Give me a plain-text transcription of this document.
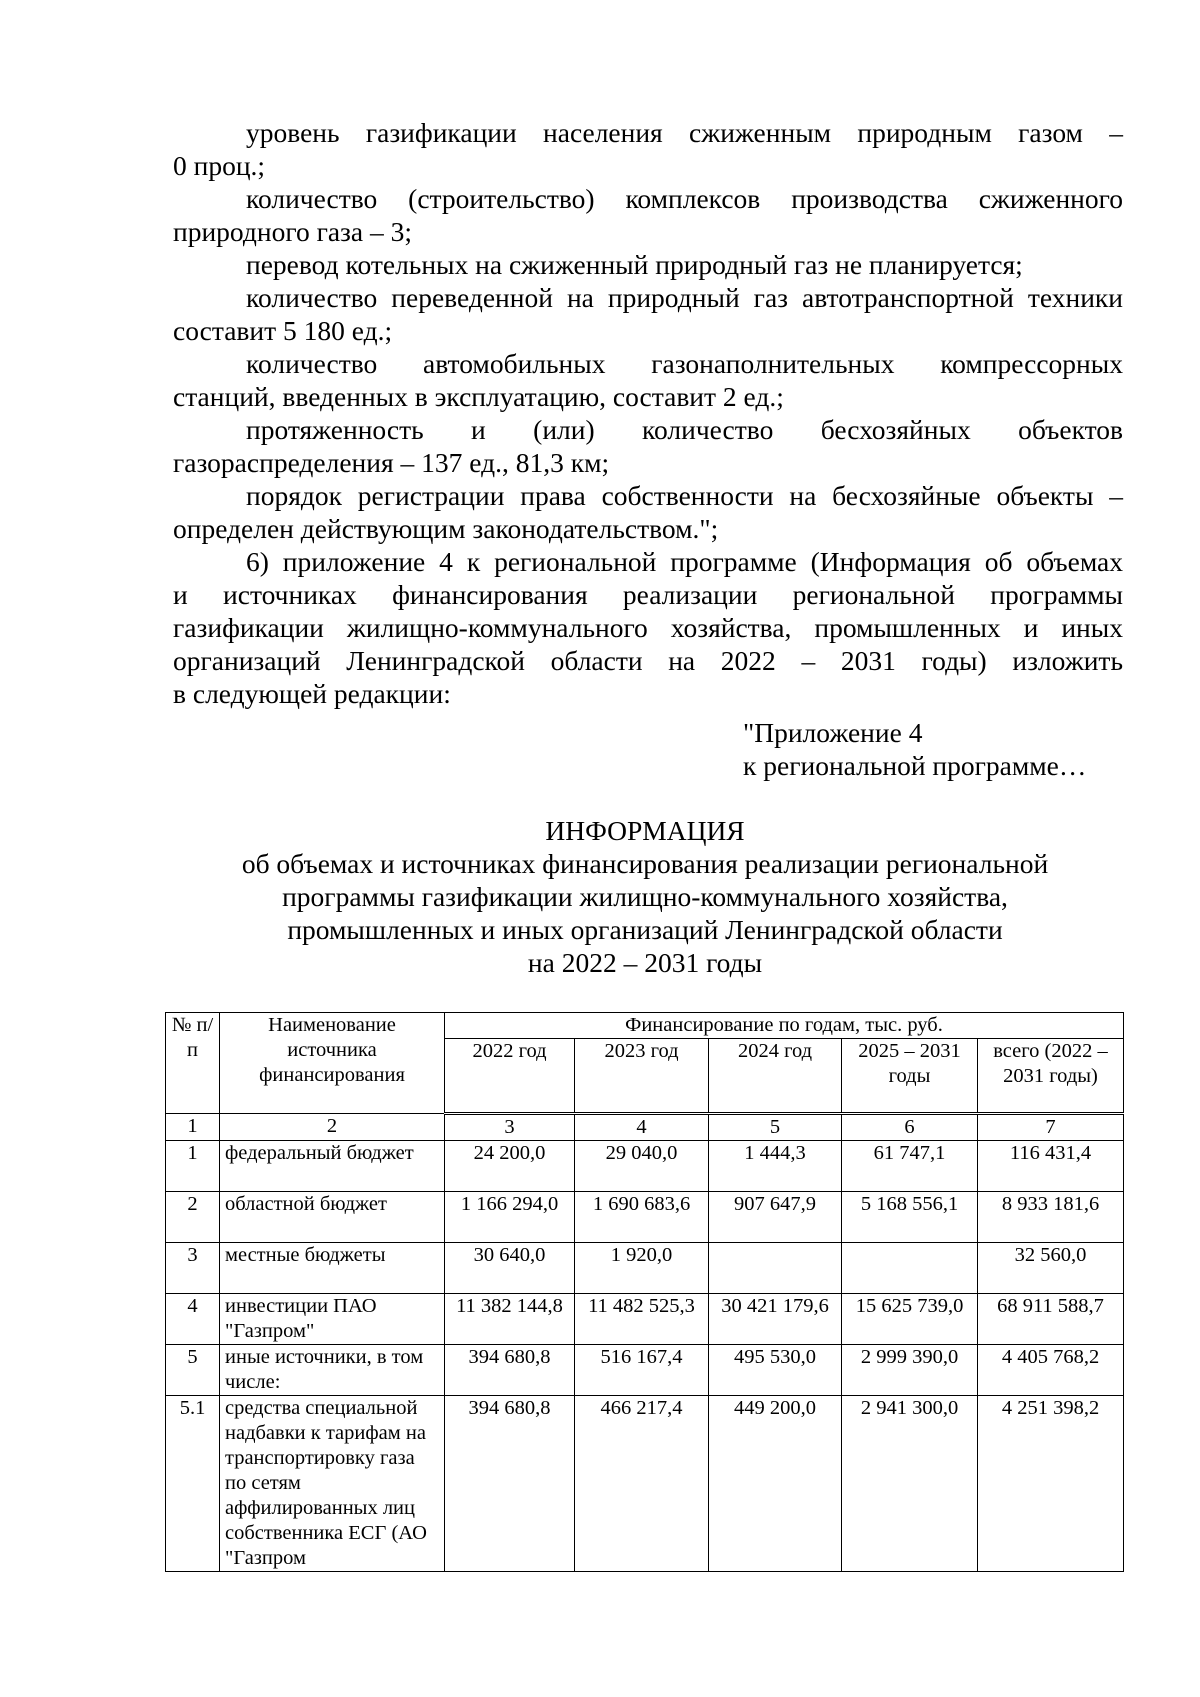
уровень газификации населения сжиженным природным газом –
0 проц.;
количество (строительство) комплексов производства сжиженного
природного газа – 3;
перевод котельных на сжиженный природный газ не планируется;
количество переведенной на природный газ автотранспортной техники
составит 5 180 ед.;
количество автомобильных газонаполнительных компрессорных
станций, введенных в эксплуатацию, составит 2 ед.;
протяженность и (или) количество бесхозяйных объектов
газораспределения – 137 ед., 81,3 км;
порядок регистрации права собственности на бесхозяйные объекты –
определен действующим законодательством.";
6) приложение 4 к региональной программе (Информация об объемах
и источниках финансирования реализации региональной программы
газификации жилищно-коммунального хозяйства, промышленных и иных
организаций Ленинградской области на 2022 – 2031 годы) изложить
в следующей редакции:
"Приложение 4
к региональной программе…
ИНФОРМАЦИЯ
об объемах и источниках финансирования реализации региональной
программы газификации жилищно-коммунального хозяйства,
промышленных и иных организаций Ленинградской области
на 2022 – 2031 годы
№ п/п	Наименование источника финансирования	Финансирование по годам, тыс. руб.				
		2022 год	2023 год	2024 год	2025 – 2031 годы	всего (2022 – 2031 годы)
1	2	3	4	5	6	7
1	федеральный бюджет	24 200,0	29 040,0	1 444,3	61 747,1	116 431,4
2	областной бюджет	1 166 294,0	1 690 683,6	907 647,9	5 168 556,1	8 933 181,6
3	местные бюджеты	30 640,0	1 920,0			32 560,0
4	инвестиции ПАО "Газпром"	11 382 144,8	11 482 525,3	30 421 179,6	15 625 739,0	68 911 588,7
5	иные источники, в том числе:	394 680,8	516 167,4	495 530,0	2 999 390,0	4 405 768,2
5.1	средства специальной надбавки к тарифам на транспортировку газа по сетям аффилированных лиц собственника ЕСГ (АО "Газпром	394 680,8	466 217,4	449 200,0	2 941 300,0	4 251 398,2
